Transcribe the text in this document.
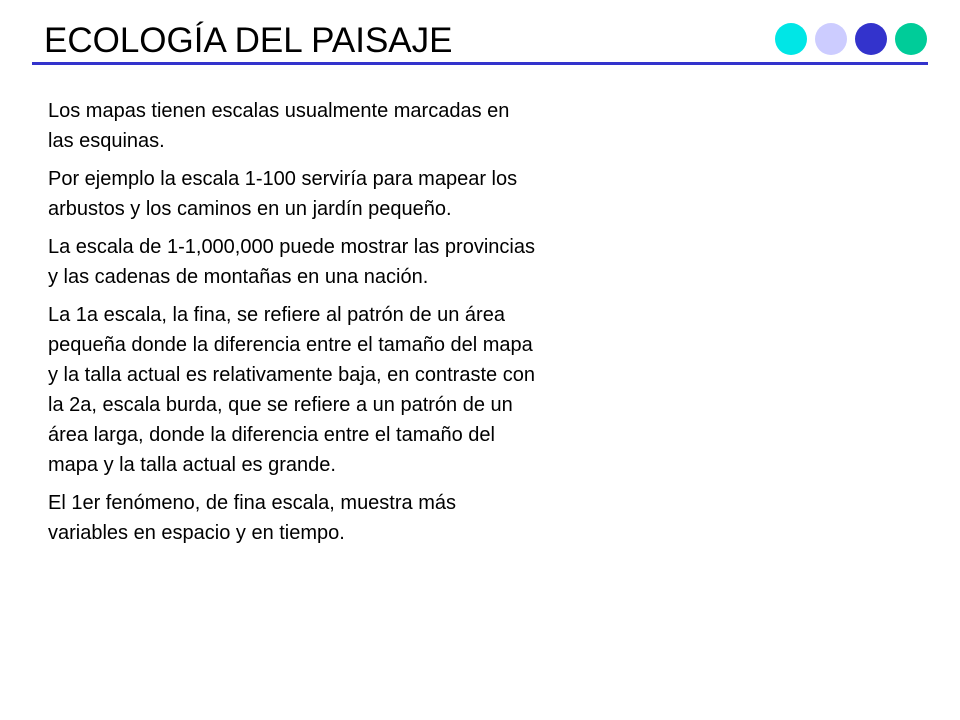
ECOLOGÍA DEL PAISAJE

Los mapas tienen escalas usualmente marcadas en las esquinas.

Por ejemplo la escala 1-100 serviría para mapear los arbustos y los caminos en un jardín pequeño.

La escala de 1-1,000,000 puede mostrar las provincias y las cadenas de montañas en una nación.

La 1a escala, la fina, se refiere al patrón de un área pequeña donde la diferencia entre el tamaño del mapa y la talla actual es relativamente baja, en contraste con la 2a, escala burda, que se refiere a un patrón de un área larga, donde la diferencia entre el tamaño del mapa y la talla actual es grande.

El 1er fenómeno, de fina escala, muestra más variables en espacio y en tiempo.
